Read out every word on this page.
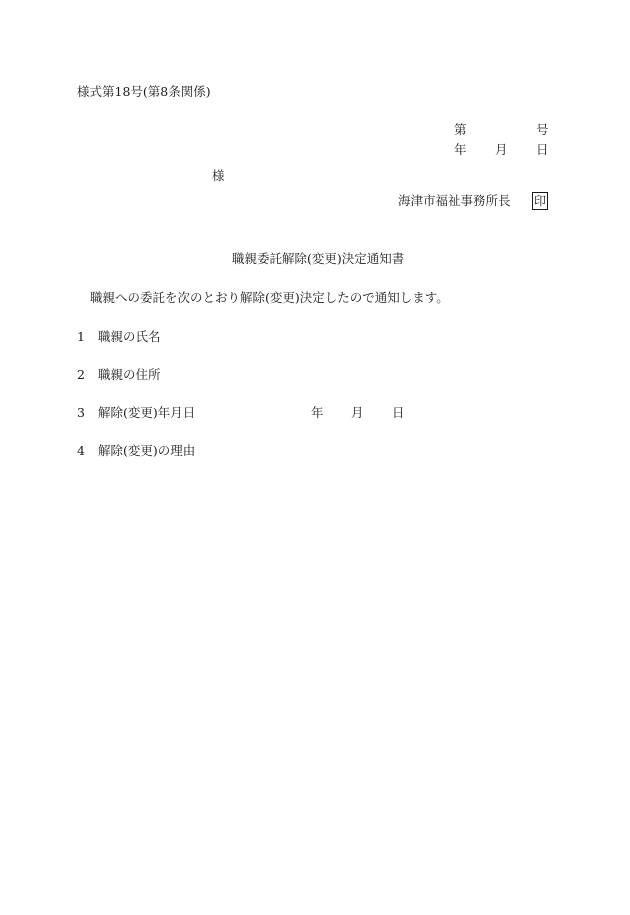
様式第18号(第8条関係)
第	号
年 月 日
様
海津市福祉事務所長 印
職親委託解除(変更)決定通知書
職親への委託を次のとおり解除(変更)決定したので通知します。
1 職親の氏名
2 職親の住所
3 解除(変更)年月日	年 月 日
4 解除(変更)の理由
